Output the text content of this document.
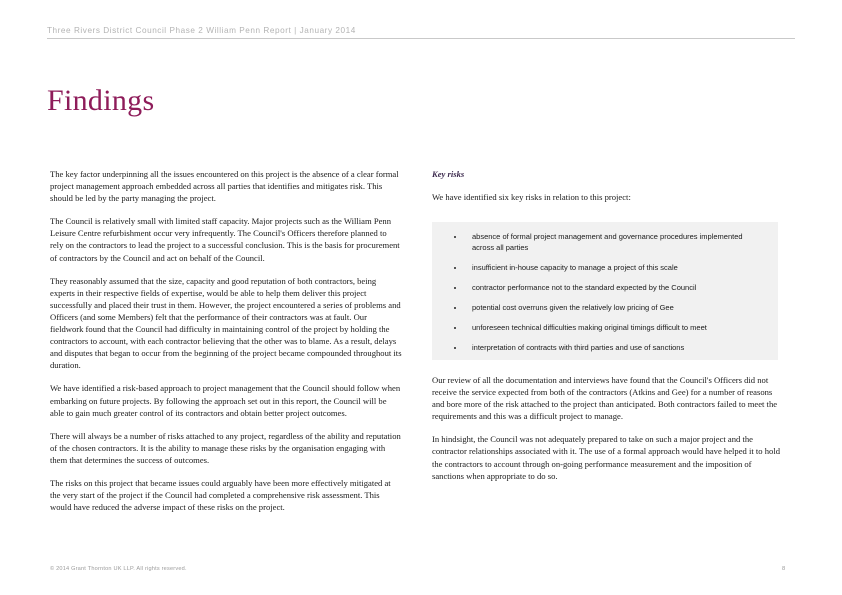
Three Rivers District Council Phase 2 William Penn Report | January 2014
Findings

The key factor underpinning all the issues encountered on this project is the absence of a clear formal project management approach embedded across all parties that identifies and mitigates risk. This should be led by the party managing the project.

The Council is relatively small with limited staff capacity. Major projects such as the William Penn Leisure Centre refurbishment occur very infrequently. The Council's Officers therefore planned to rely on the contractors to lead the project to a successful conclusion. This is the basis for procurement of contractors by the Council and act on behalf of the Council.

They reasonably assumed that the size, capacity and good reputation of both contractors, being experts in their respective fields of expertise, would be able to help them deliver this project successfully and placed their trust in them. However, the project encountered a series of problems and Officers (and some Members) felt that the performance of their contractors was at fault. Our fieldwork found that the Council had difficulty in maintaining control of the project by holding the contractors to account, with each contractor believing that the other was to blame. As a result, delays and disputes that began to occur from the beginning of the project became compounded throughout its duration.

We have identified a risk-based approach to project management that the Council should follow when embarking on future projects. By following the approach set out in this report, the Council will be able to gain much greater control of its contractors and obtain better project outcomes.

There will always be a number of risks attached to any project, regardless of the ability and reputation of the chosen contractors. It is the ability to manage these risks by the organisation engaging with them that determines the success of outcomes.

The risks on this project that became issues could arguably have been more effectively mitigated at the very start of the project if the Council had completed a comprehensive risk assessment. This would have reduced the adverse impact of these risks on the project.

Key risks

We have identified six key risks in relation to this project:

absence of formal project management and governance procedures implemented across all parties
insufficient in-house capacity to manage a project of this scale
contractor performance not to the standard expected by the Council
potential cost overruns given the relatively low pricing of Gee
unforeseen technical difficulties making original timings difficult to meet
interpretation of contracts with third parties and use of sanctions

Our review of all the documentation and interviews have found that the Council's Officers did not receive the service expected from both of the contractors (Atkins and Gee) for a number of reasons and bore more of the risk attached to the project than anticipated. Both contractors failed to meet the requirements and this was a difficult project to manage.

In hindsight, the Council was not adequately prepared to take on such a major project and the contractor relationships associated with it. The use of a formal approach would have helped it to hold the contractors to account through on-going performance measurement and the imposition of sanctions when appropriate to do so.

© 2014 Grant Thornton UK LLP. All rights reserved.	8
